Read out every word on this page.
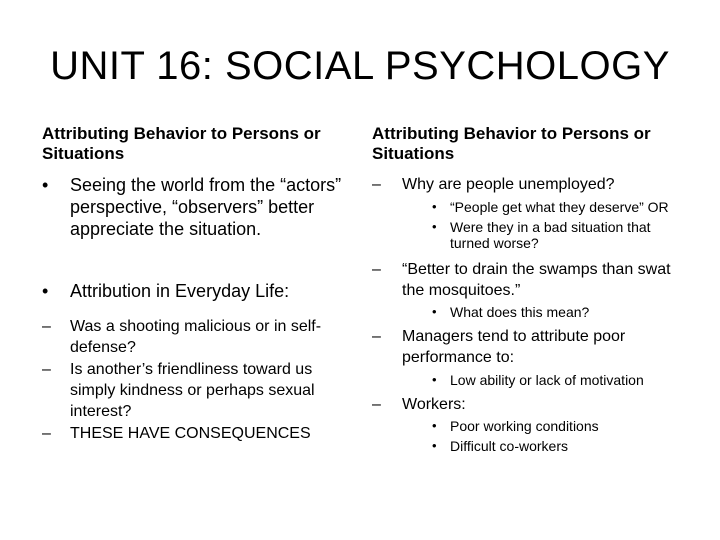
UNIT 16: SOCIAL PSYCHOLOGY
Attributing Behavior to Persons or Situations
• Seeing the world from the “actors” perspective, “observers” better appreciate the situation.
• Attribution in Everyday Life:
– Was a shooting malicious or in self-defense?
– Is another’s friendliness toward us simply kindness or perhaps sexual interest?
– THESE HAVE CONSEQUENCES
Attributing Behavior to Persons or Situations
– Why are people unemployed?
• “People get what they deserve” OR
• Were they in a bad situation that turned worse?
– “Better to drain the swamps than swat the mosquitoes.”
• What does this mean?
– Managers tend to attribute poor performance to:
• Low ability or lack of motivation
– Workers:
• Poor working conditions
• Difficult co-workers
